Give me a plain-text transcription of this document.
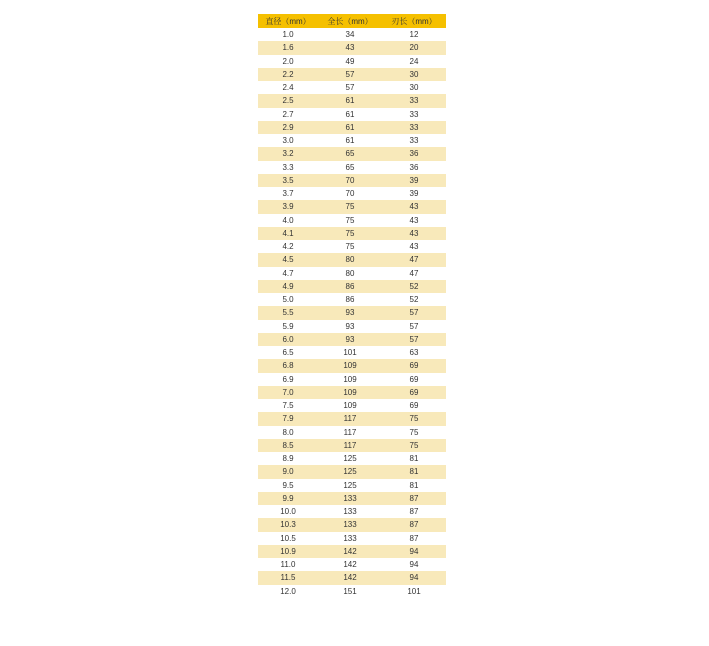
直径（mm）	全长（mm）	刃长（mm）
1.0	34	12
1.6	43	20
2.0	49	24
2.2	57	30
2.4	57	30
2.5	61	33
2.7	61	33
2.9	61	33
3.0	61	33
3.2	65	36
3.3	65	36
3.5	70	39
3.7	70	39
3.9	75	43
4.0	75	43
4.1	75	43
4.2	75	43
4.5	80	47
4.7	80	47
4.9	86	52
5.0	86	52
5.5	93	57
5.9	93	57
6.0	93	57
6.5	101	63
6.8	109	69
6.9	109	69
7.0	109	69
7.5	109	69
7.9	117	75
8.0	117	75
8.5	117	75
8.9	125	81
9.0	125	81
9.5	125	81
9.9	133	87
10.0	133	87
10.3	133	87
10.5	133	87
10.9	142	94
11.0	142	94
11.5	142	94
12.0	151	101
